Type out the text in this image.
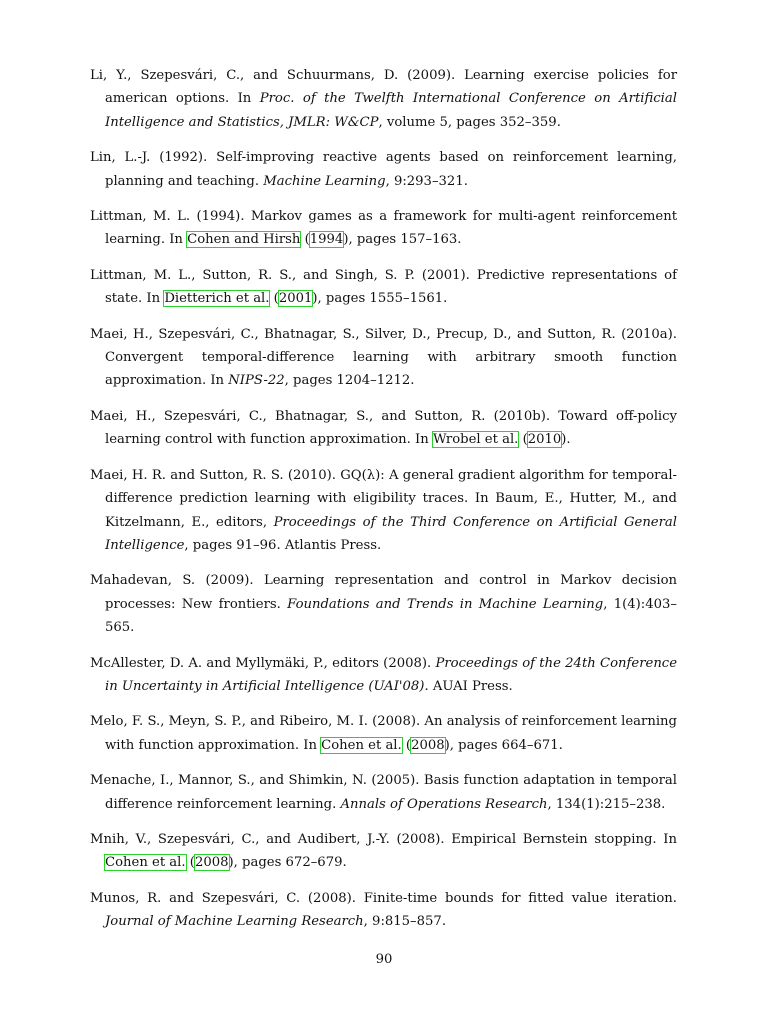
Li, Y., Szepesvári, C., and Schuurmans, D. (2009). Learning exercise policies for american options. In Proc. of the Twelfth International Conference on Artificial Intelligence and Statistics, JMLR: W&CP, volume 5, pages 352–359.

Lin, L.-J. (1992). Self-improving reactive agents based on reinforcement learning, planning and teaching. Machine Learning, 9:293–321.

Littman, M. L. (1994). Markov games as a framework for multi-agent reinforcement learning. In Cohen and Hirsh (1994), pages 157–163.

Littman, M. L., Sutton, R. S., and Singh, S. P. (2001). Predictive representations of state. In Dietterich et al. (2001), pages 1555–1561.

Maei, H., Szepesvári, C., Bhatnagar, S., Silver, D., Precup, D., and Sutton, R. (2010a). Convergent temporal-difference learning with arbitrary smooth function approximation. In NIPS-22, pages 1204–1212.

Maei, H., Szepesvári, C., Bhatnagar, S., and Sutton, R. (2010b). Toward off-policy learning control with function approximation. In Wrobel et al. (2010).

Maei, H. R. and Sutton, R. S. (2010). GQ(λ): A general gradient algorithm for temporal-difference prediction learning with eligibility traces. In Baum, E., Hutter, M., and Kitzelmann, E., editors, Proceedings of the Third Conference on Artificial General Intelligence, pages 91–96. Atlantis Press.

Mahadevan, S. (2009). Learning representation and control in Markov decision processes: New frontiers. Foundations and Trends in Machine Learning, 1(4):403–565.

McAllester, D. A. and Myllymäki, P., editors (2008). Proceedings of the 24th Conference in Uncertainty in Artificial Intelligence (UAI'08). AUAI Press.

Melo, F. S., Meyn, S. P., and Ribeiro, M. I. (2008). An analysis of reinforcement learning with function approximation. In Cohen et al. (2008), pages 664–671.

Menache, I., Mannor, S., and Shimkin, N. (2005). Basis function adaptation in temporal difference reinforcement learning. Annals of Operations Research, 134(1):215–238.

Mnih, V., Szepesvári, C., and Audibert, J.-Y. (2008). Empirical Bernstein stopping. In Cohen et al. (2008), pages 672–679.

Munos, R. and Szepesvári, C. (2008). Finite-time bounds for fitted value iteration. Journal of Machine Learning Research, 9:815–857.

90
